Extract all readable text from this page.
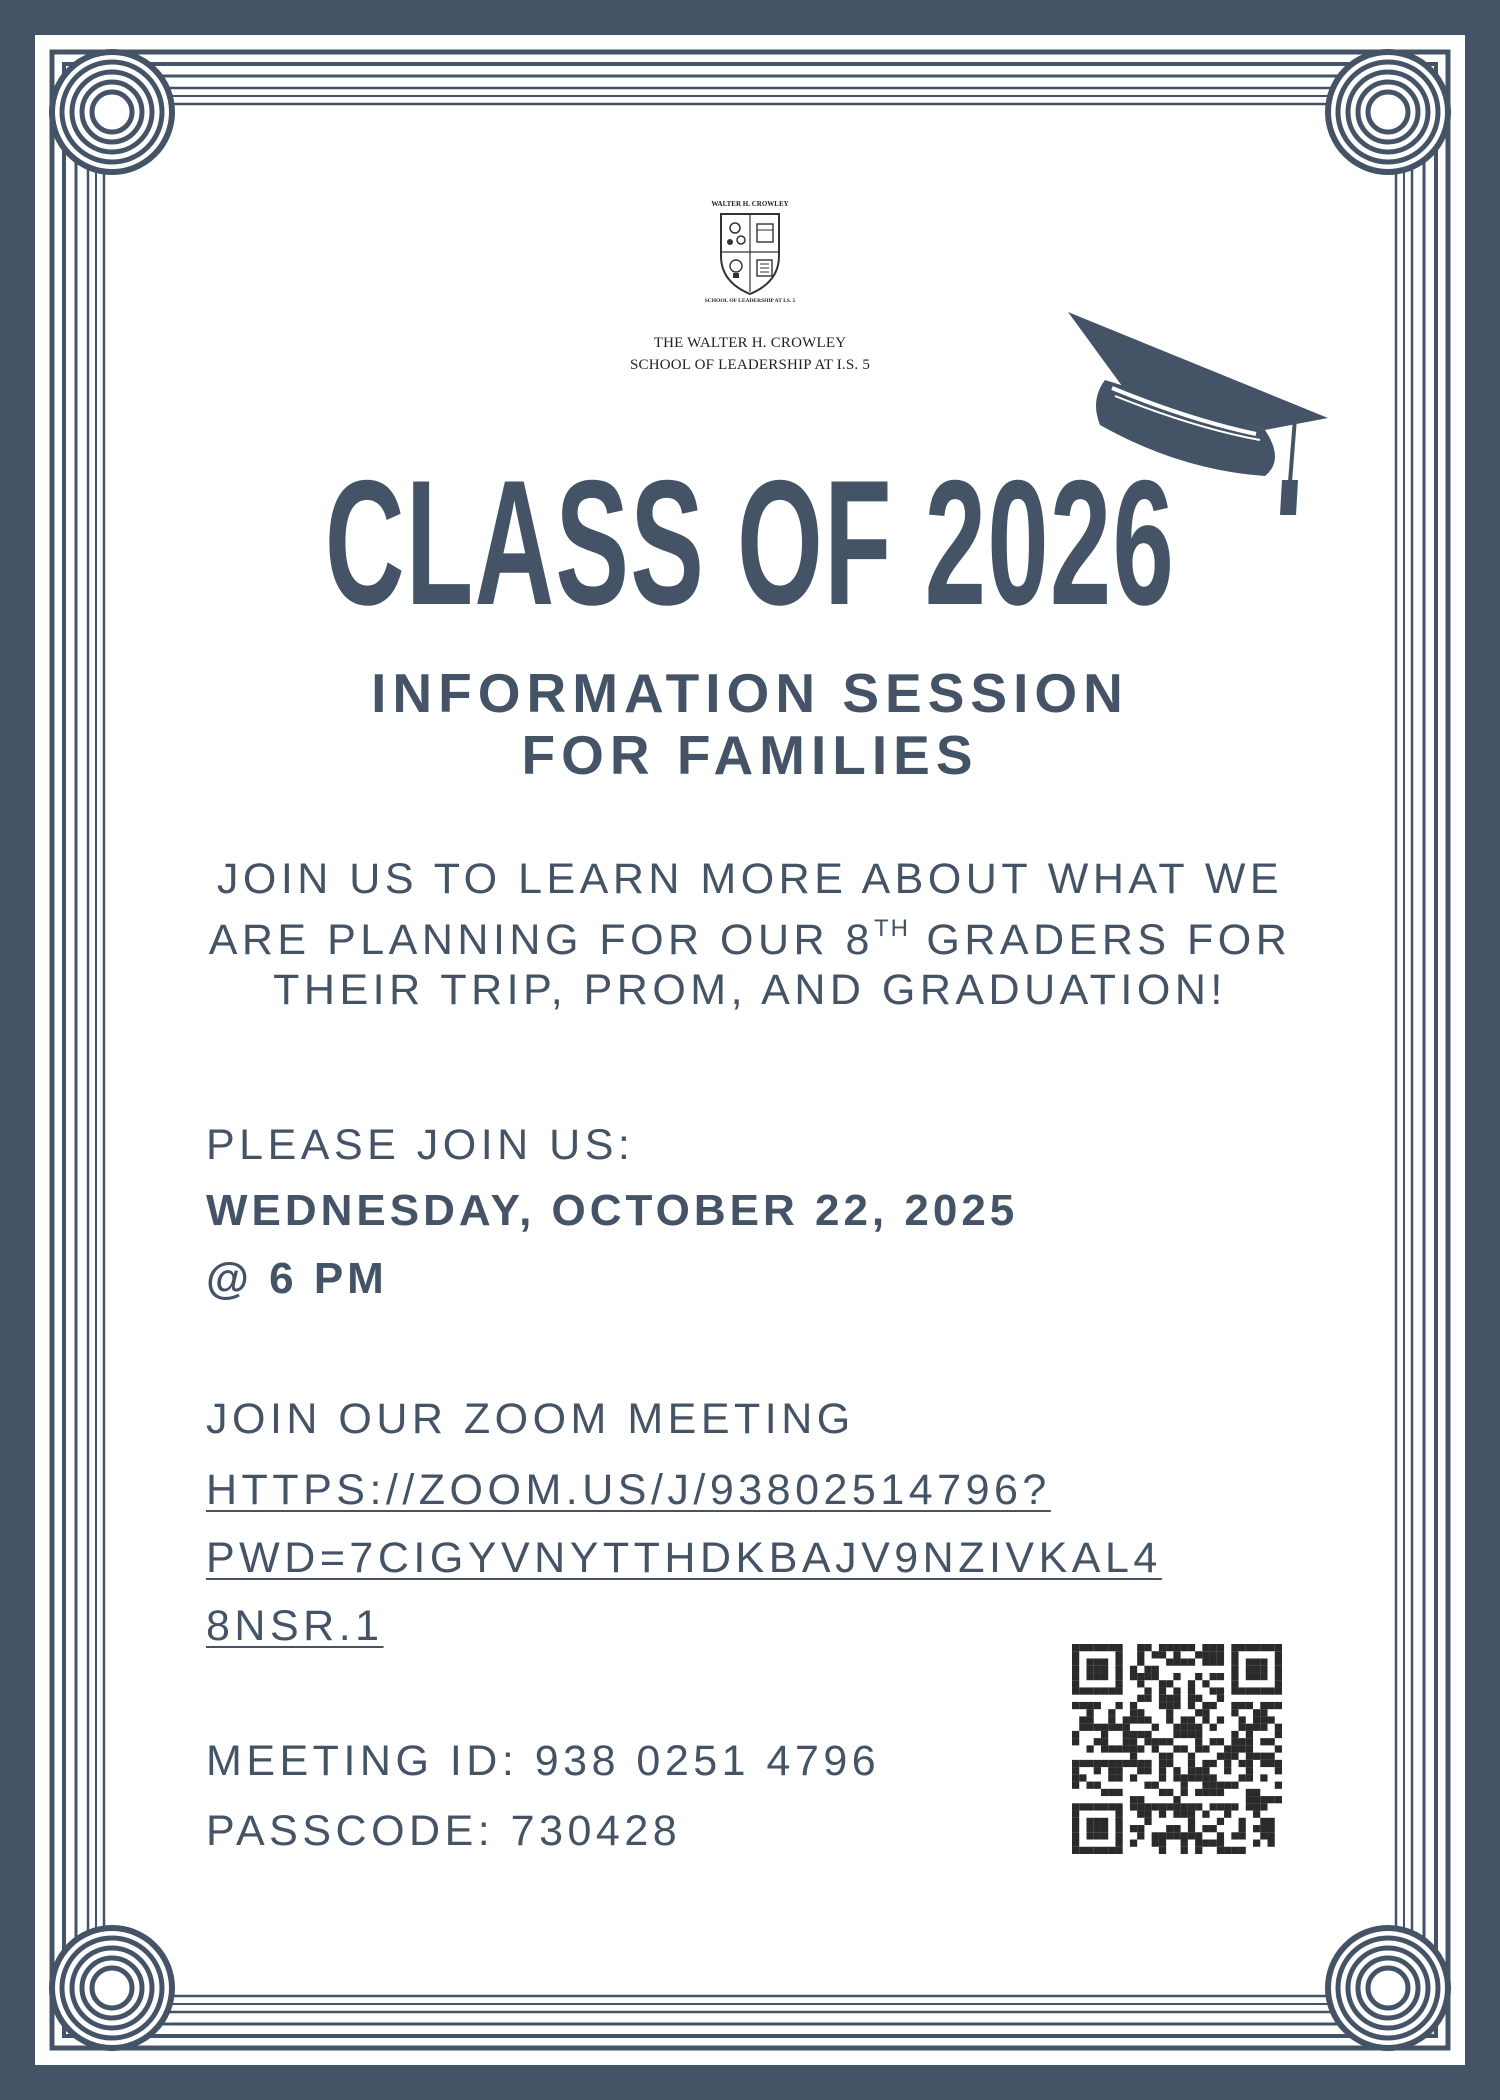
WALTER H. CROWLEY
SCHOOL OF LEADERSHIP AT I.S. 5
THE WALTER H. CROWLEY
SCHOOL OF LEADERSHIP AT I.S. 5
CLASS OF 2026
INFORMATION SESSION
FOR FAMILIES
JOIN US TO LEARN MORE ABOUT WHAT WE ARE PLANNING FOR OUR 8TH GRADERS FOR THEIR TRIP, PROM, AND GRADUATION!

PLEASE JOIN US:

WEDNESDAY, OCTOBER 22, 2025

@ 6 PM

JOIN OUR ZOOM MEETING

HTTPS://ZOOM.US/J/93802514796?
PWD=7CIGYVNYTTHDKBAJV9NZIVKAL4
8NSR.1

MEETING ID: 938 0251 4796

PASSCODE: 730428
